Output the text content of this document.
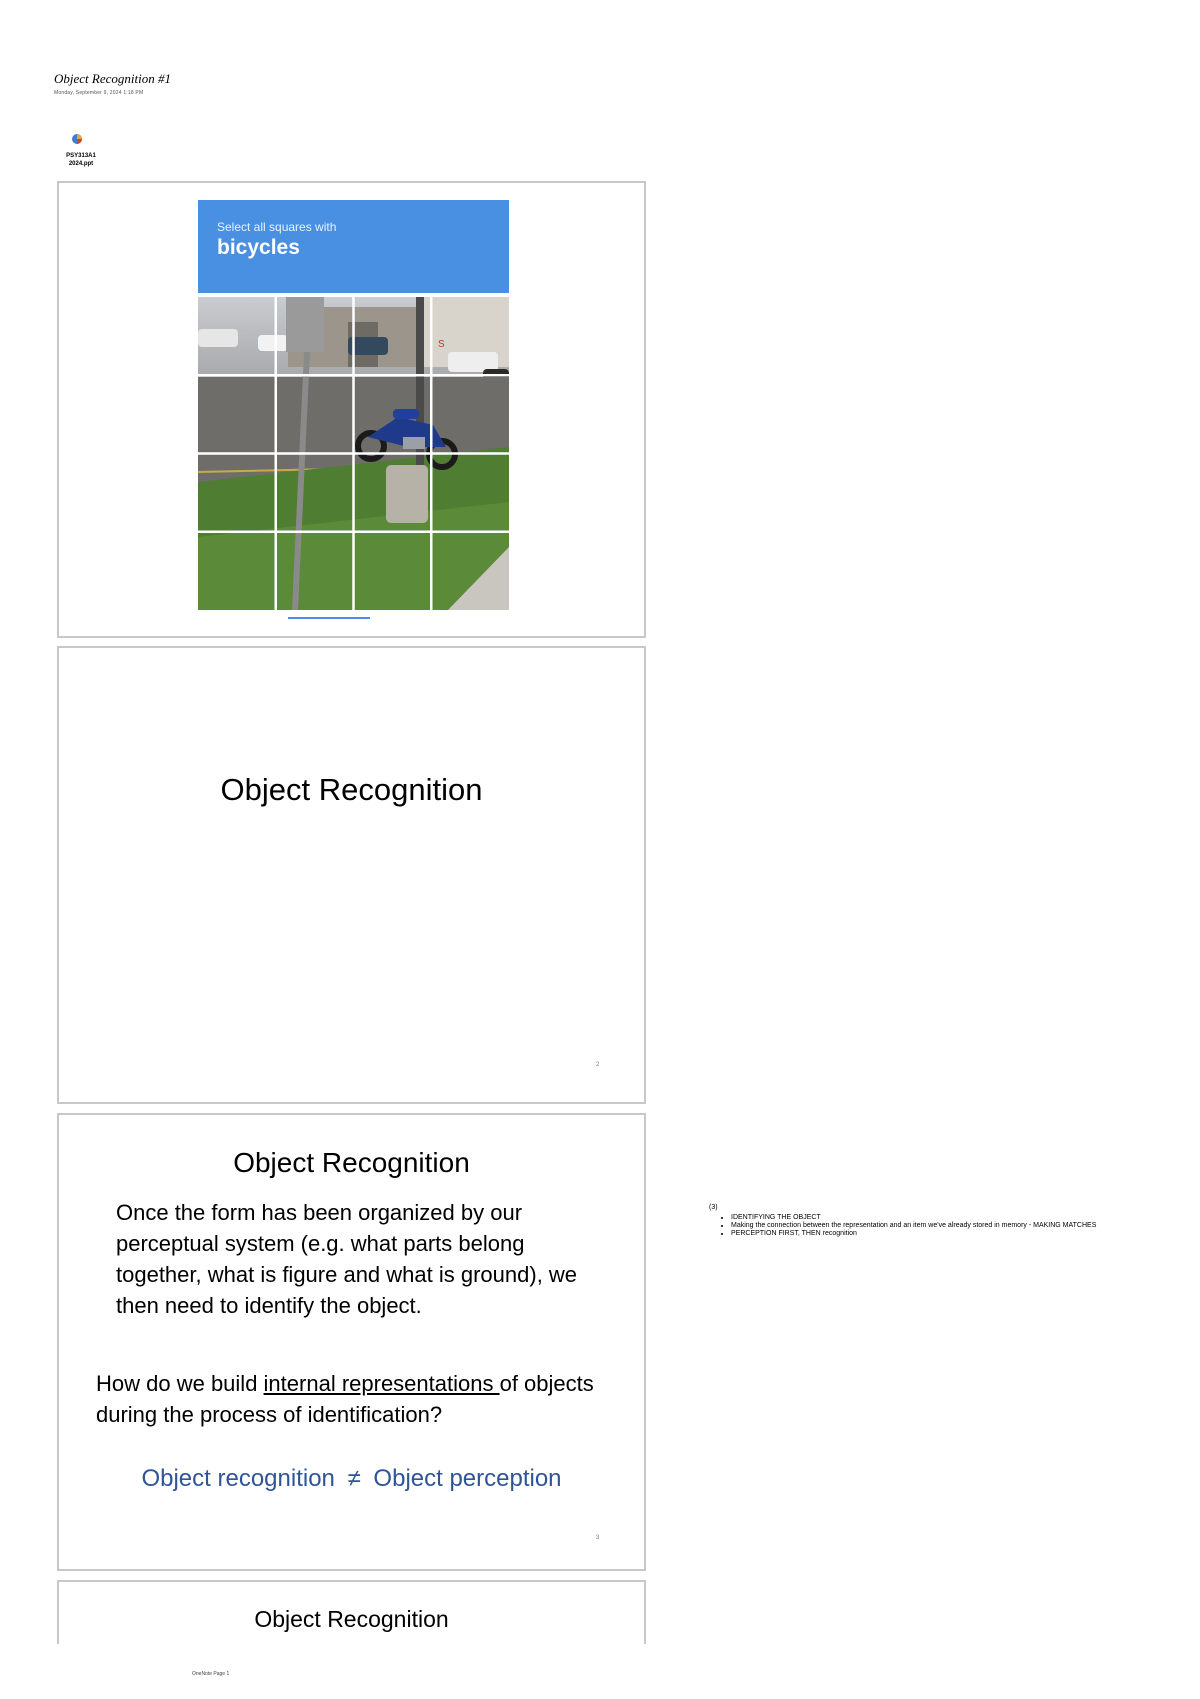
Object Recognition #1
Monday, September 9, 2024 1:18 PM
PSY313A1
2024.ppt
Select all squares with
bicycles
S
Object Recognition
2
Object Recognition
Once the form has been organized by our perceptual system (e.g. what parts belong together, what is figure and what is ground), we then need to identify the object.
How do we build internal representations of objects during the process of identification?
Object recognition ≠ Object perception
3
Object Recognition
(3)
• IDENTIFYING THE OBJECT
• Making the connection between the representation and an item we've already stored in memory - MAKING MATCHES
• PERCEPTION FIRST, THEN recognition
OneNote Page 1
